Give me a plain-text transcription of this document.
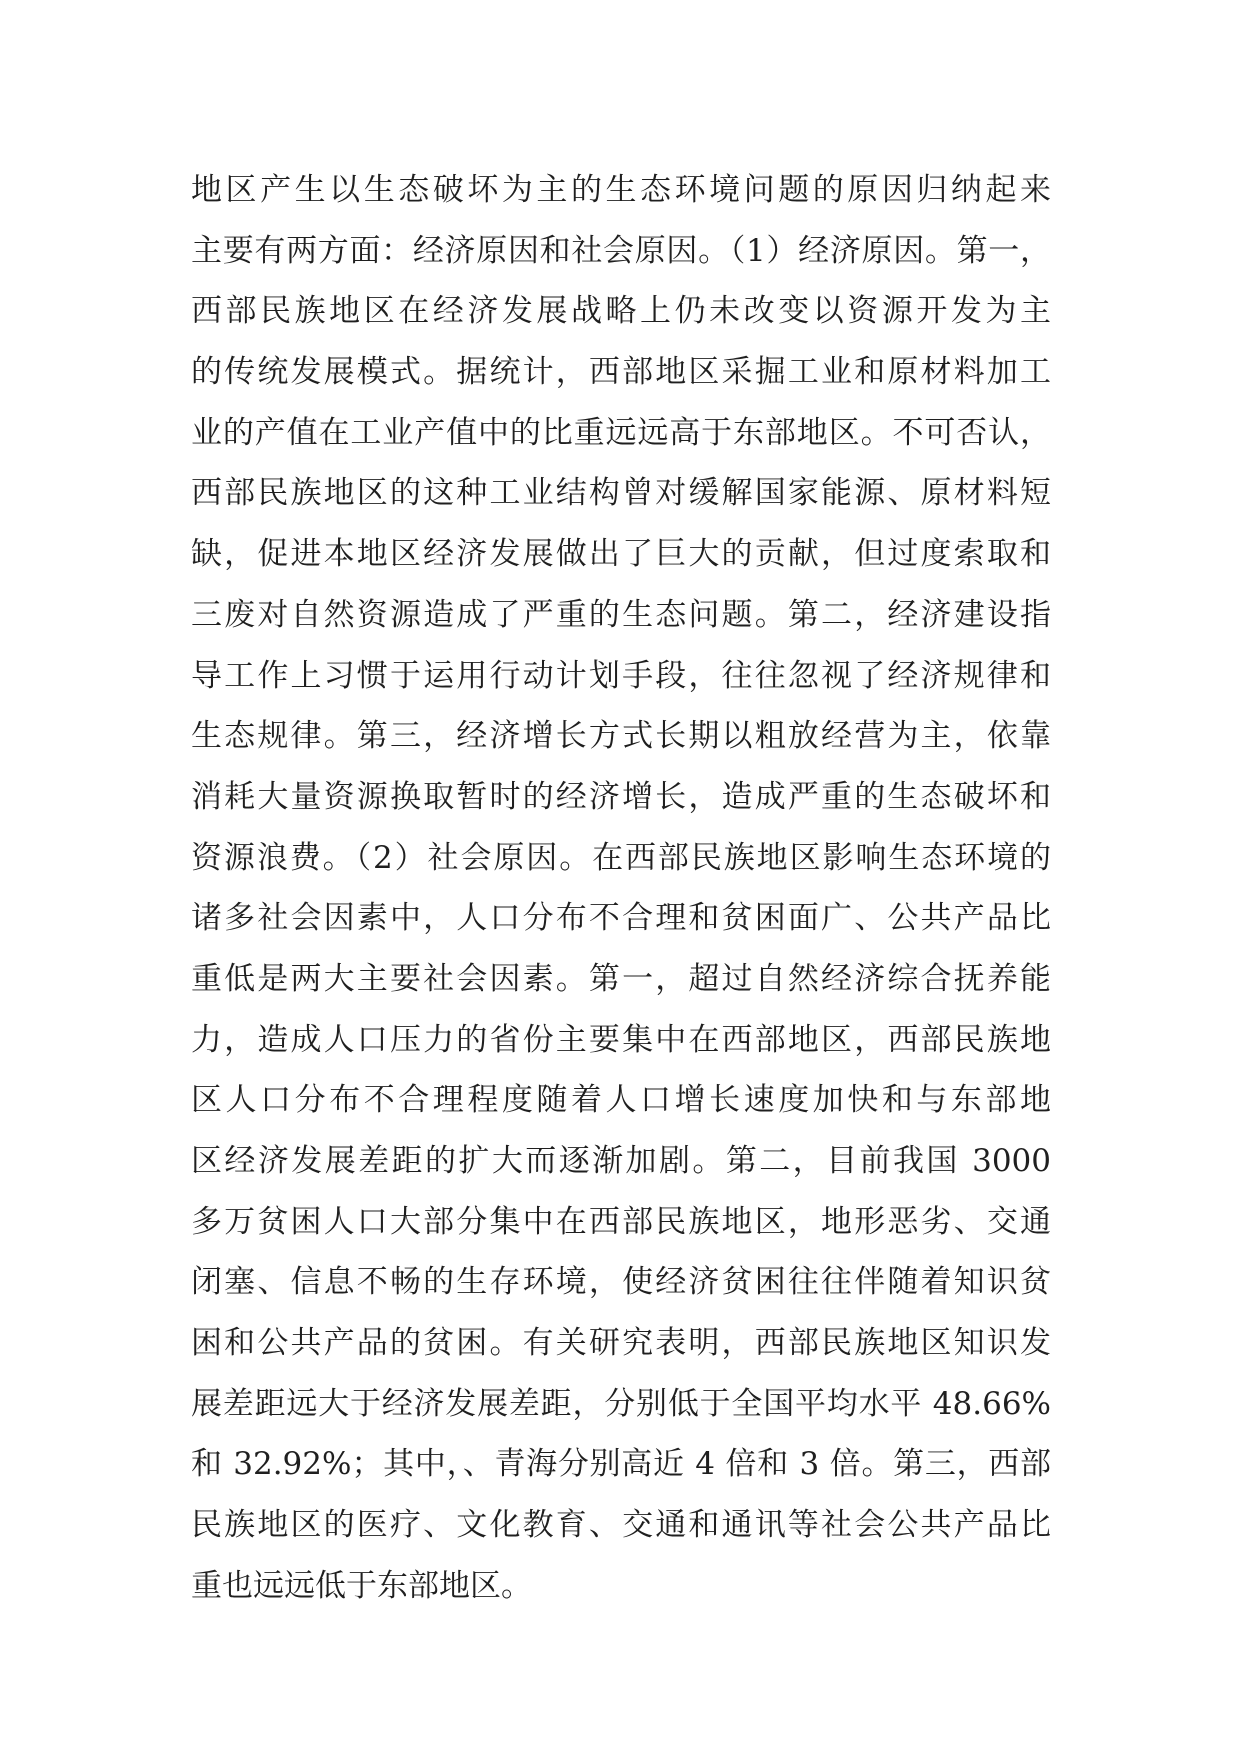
地区产生以生态破坏为主的生态环境问题的原因归纳起来
主要有两方面：经济原因和社会原因。（1）经济原因。第一，
西部民族地区在经济发展战略上仍未改变以资源开发为主
的传统发展模式。据统计，西部地区采掘工业和原材料加工
业的产值在工业产值中的比重远远高于东部地区。不可否认，
西部民族地区的这种工业结构曾对缓解国家能源、原材料短
缺，促进本地区经济发展做出了巨大的贡献，但过度索取和
三废对自然资源造成了严重的生态问题。第二，经济建设指
导工作上习惯于运用行动计划手段，往往忽视了经济规律和
生态规律。第三，经济增长方式长期以粗放经营为主，依靠
消耗大量资源换取暂时的经济增长，造成严重的生态破坏和
资源浪费。（2）社会原因。在西部民族地区影响生态环境的
诸多社会因素中，人口分布不合理和贫困面广、公共产品比
重低是两大主要社会因素。第一，超过自然经济综合抚养能
力，造成人口压力的省份主要集中在西部地区，西部民族地
区人口分布不合理程度随着人口增长速度加快和与东部地
区经济发展差距的扩大而逐渐加剧。第二，目前我国 3000
多万贫困人口大部分集中在西部民族地区，地形恶劣、交通
闭塞、信息不畅的生存环境，使经济贫困往往伴随着知识贫
困和公共产品的贫困。有关研究表明，西部民族地区知识发
展差距远大于经济发展差距，分别低于全国平均水平 48.66%
和 32.92%；其中，、青海分别高近 4 倍和 3 倍。第三，西部
民族地区的医疗、文化教育、交通和通讯等社会公共产品比
重也远远低于东部地区。
